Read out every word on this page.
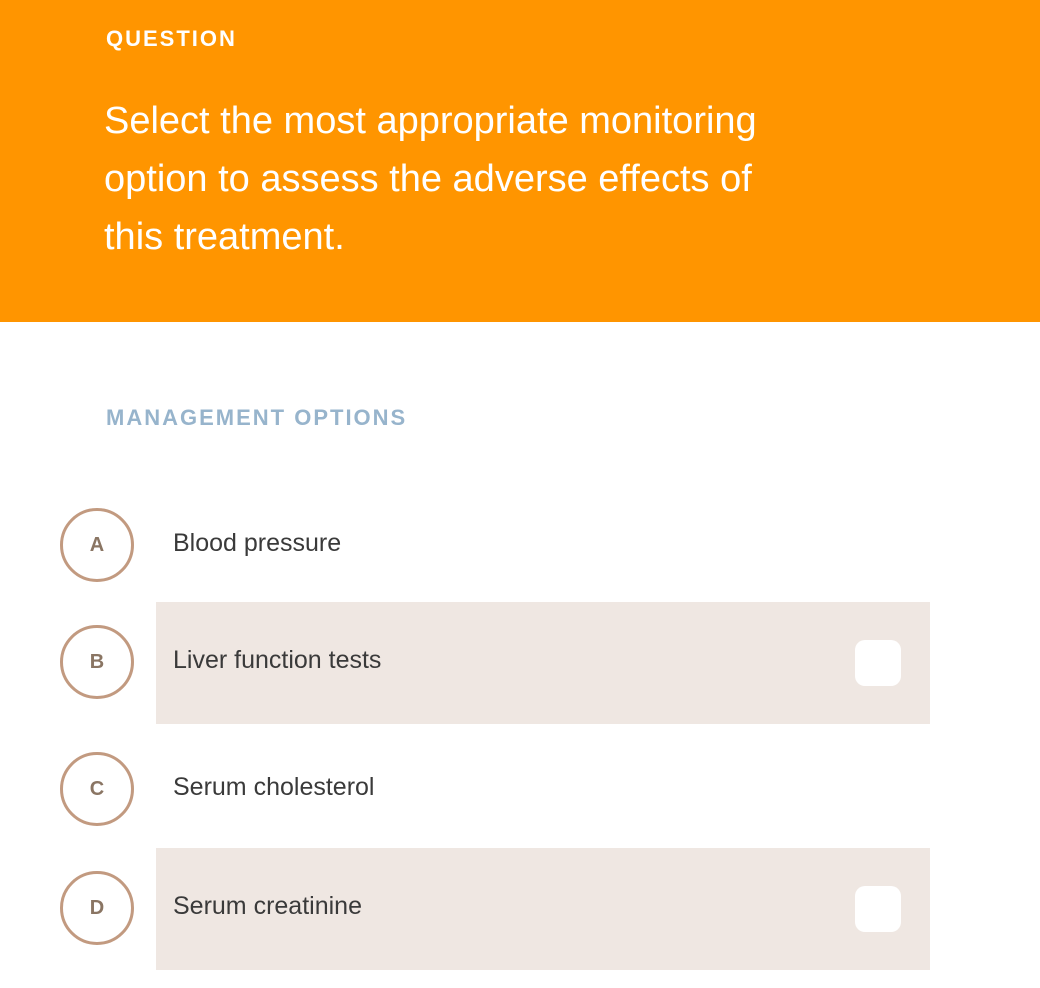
QUESTION
Select the most appropriate monitoring option to assess the adverse effects of this treatment.
MANAGEMENT OPTIONS
A	Blood pressure
B	Liver function tests
C	Serum cholesterol
D	Serum creatinine
